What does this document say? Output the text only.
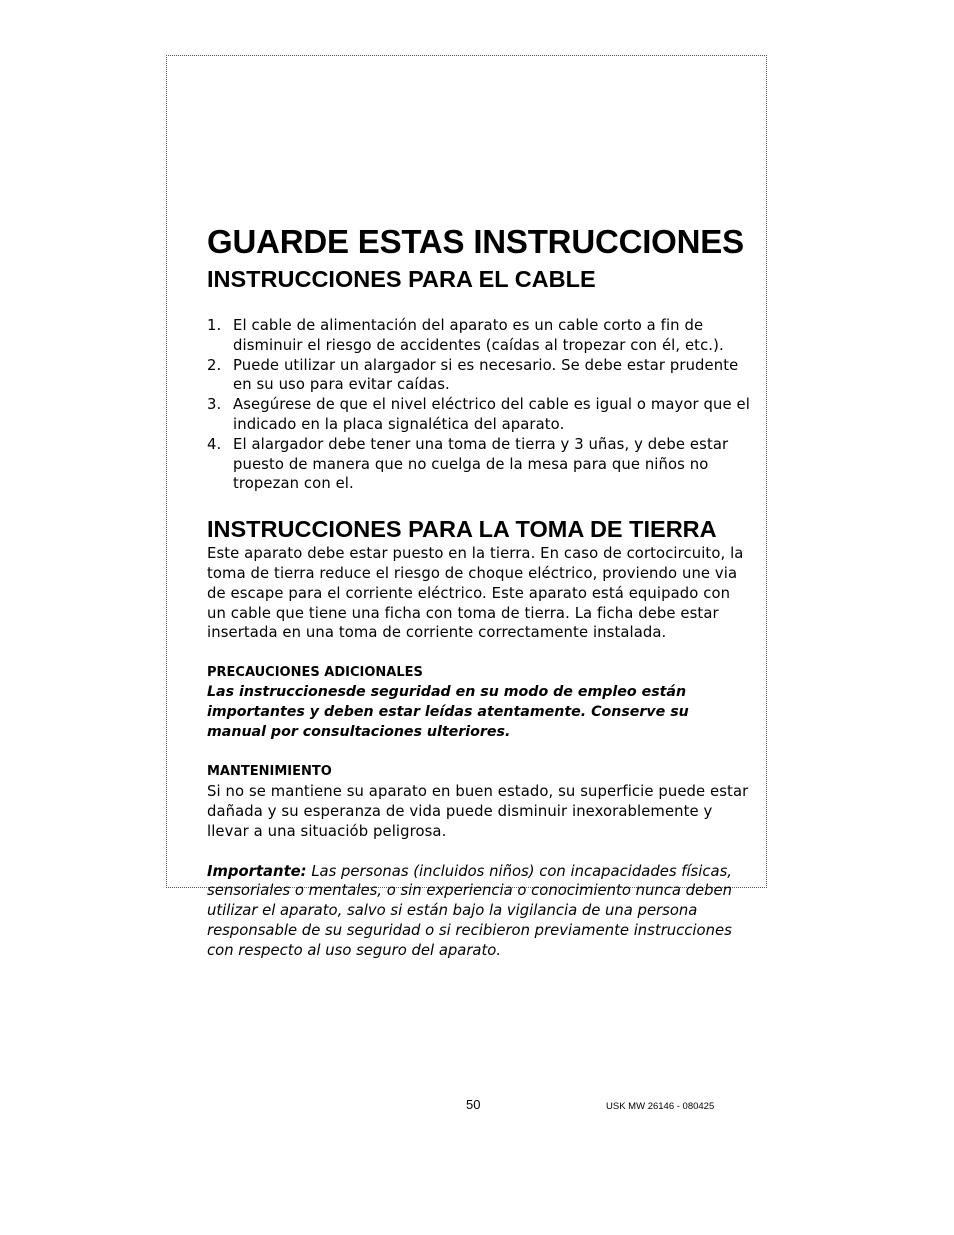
GUARDE ESTAS INSTRUCCIONES
INSTRUCCIONES PARA EL CABLE
1. El cable de alimentación del aparato es un cable corto a fin de disminuir el riesgo de accidentes (caídas al tropezar con él, etc.).
2. Puede utilizar un alargador si es necesario. Se debe estar prudente en su uso para evitar caídas.
3. Asegúrese de que el nivel eléctrico del cable es igual o mayor que el indicado en la placa signalética del aparato.
4. El alargador debe tener una toma de tierra y 3 uñas, y debe estar puesto de manera que no cuelga de la mesa para que niños no tropezan con el.
INSTRUCCIONES PARA LA TOMA DE TIERRA

Este aparato debe estar puesto en la tierra. En caso de cortocircuito, la toma de tierra reduce el riesgo de choque eléctrico, proviendo une via de escape para el corriente eléctrico. Este aparato está equipado con un cable que tiene una ficha con toma de tierra. La ficha debe estar insertada en una toma de corriente correctamente instalada.

PRECAUCIONES ADICIONALES

Las instruccionesde seguridad en su modo de empleo están importantes y deben estar leídas atentamente. Conserve su manual por consultaciones ulteriores.

MANTENIMIENTO

Si no se mantiene su aparato en buen estado, su superficie puede estar dañada y su esperanza de vida puede disminuir inexorablemente y llevar a una situaciób peligrosa.

Importante: Las personas (incluidos niños) con incapacidades físicas, sensoriales o mentales, o sin experiencia o conocimiento nunca deben utilizar el aparato, salvo si están bajo la vigilancia de una persona responsable de su seguridad o si recibieron previamente instrucciones con respecto al uso seguro del aparato.

50	USK MW 26146 - 080425
